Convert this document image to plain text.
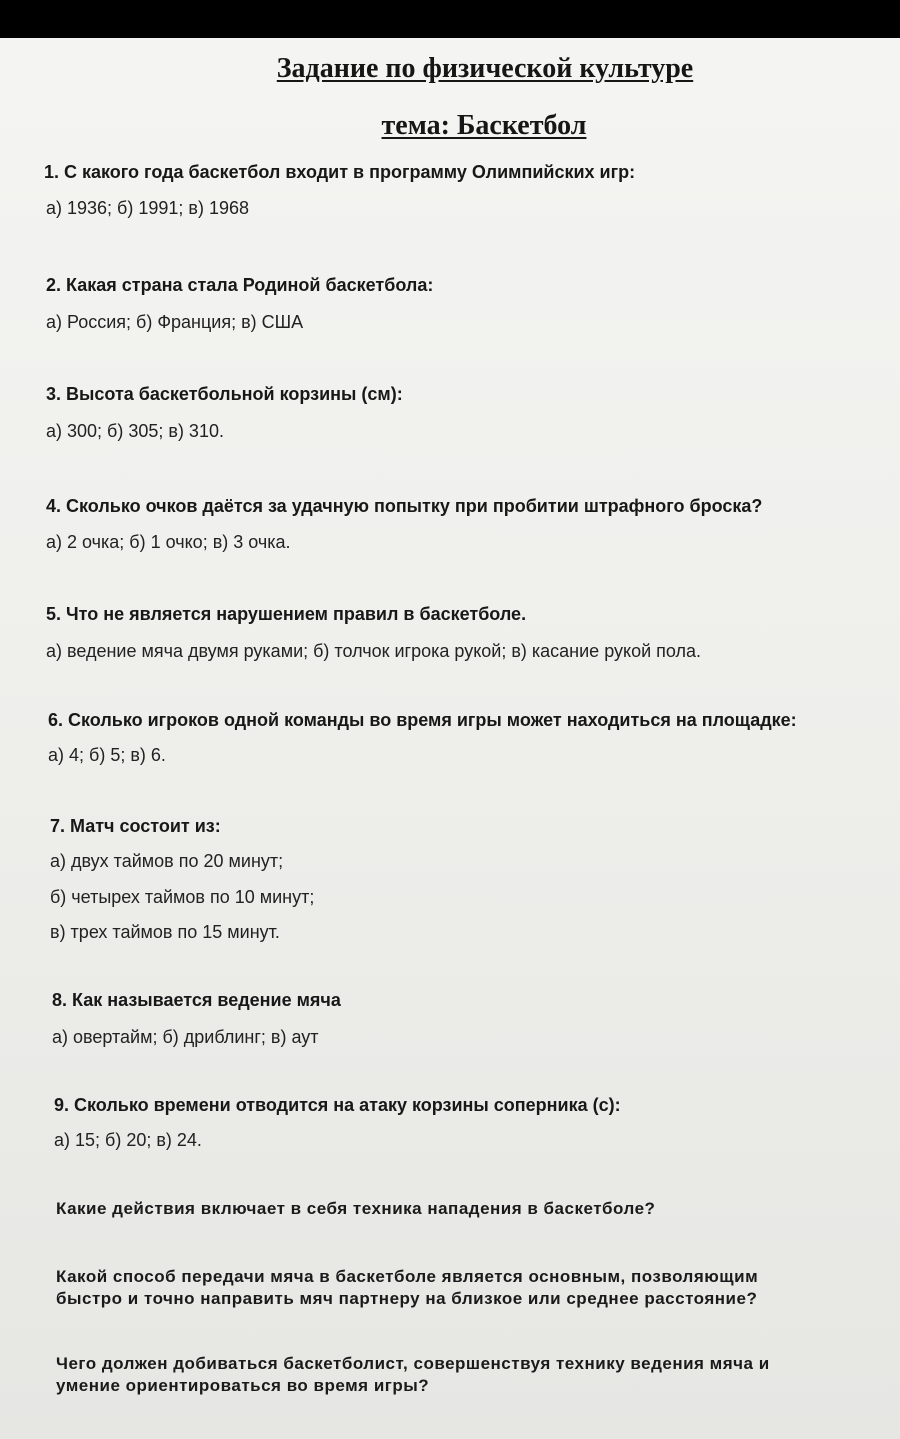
Задание по физической культуре
тема: Баскетбол
1. С какого года баскетбол входит в программу Олимпийских игр:
а) 1936; б) 1991; в) 1968
2. Какая страна стала Родиной баскетбола:
а) Россия; б) Франция; в) США
3. Высота баскетбольной корзины (см):
а) 300; б) 305; в) 310.
4. Сколько очков даётся за удачную попытку при пробитии штрафного броска?
а) 2 очка; б) 1 очко; в) 3 очка.
5. Что не является нарушением правил в баскетболе.
а) ведение мяча двумя руками; б) толчок игрока рукой; в) касание рукой пола.
6. Сколько игроков одной команды во время игры может находиться на площадке:
а) 4; б) 5; в) 6.
7. Матч состоит из:
а) двух таймов по 20 минут;
б) четырех таймов по 10 минут;
в) трех таймов по 15 минут.
8. Как называется ведение мяча
а) овертайм; б) дриблинг; в) аут
9. Сколько времени отводится на атаку корзины соперника (с):
а) 15; б) 20; в) 24.
Какие действия включает в себя техника нападения в баскетболе?
Какой способ передачи мяча в баскетболе является основным, позволяющим
быстро и точно направить мяч партнеру на близкое или среднее расстояние?
Чего должен добиваться баскетболист, совершенствуя технику ведения мяча и
умение ориентироваться во время игры?
